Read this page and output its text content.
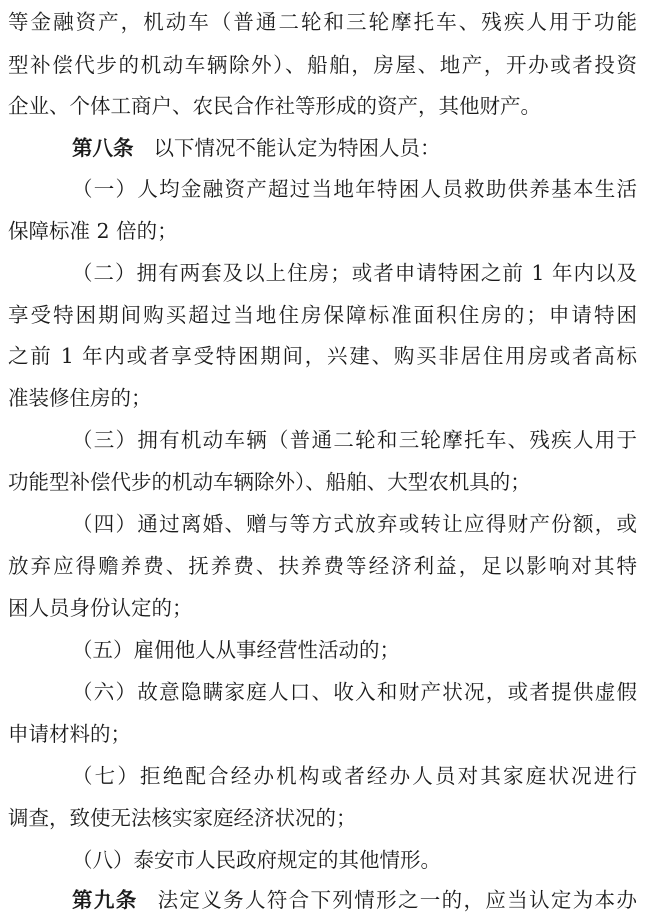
等金融资产，机动车（普通二轮和三轮摩托车、残疾人用于功能
型补偿代步的机动车辆除外）、船舶，房屋、地产，开办或者投资
企业、个体工商户、农民合作社等形成的资产，其他财产。
第八条 以下情况不能认定为特困人员：
（一）人均金融资产超过当地年特困人员救助供养基本生活
保障标准 2 倍的；
（二）拥有两套及以上住房；或者申请特困之前 1 年内以及
享受特困期间购买超过当地住房保障标准面积住房的；申请特困
之前 1 年内或者享受特困期间，兴建、购买非居住用房或者高标
准装修住房的；
（三）拥有机动车辆（普通二轮和三轮摩托车、残疾人用于
功能型补偿代步的机动车辆除外）、船舶、大型农机具的；
（四）通过离婚、赠与等方式放弃或转让应得财产份额，或
放弃应得赡养费、抚养费、扶养费等经济利益，足以影响对其特
困人员身份认定的；
（五）雇佣他人从事经营性活动的；
（六）故意隐瞒家庭人口、收入和财产状况，或者提供虚假
申请材料的；
（七）拒绝配合经办机构或者经办人员对其家庭状况进行
调查，致使无法核实家庭经济状况的；
（八）泰安市人民政府规定的其他情形。
第九条 法定义务人符合下列情形之一的，应当认定为本办
